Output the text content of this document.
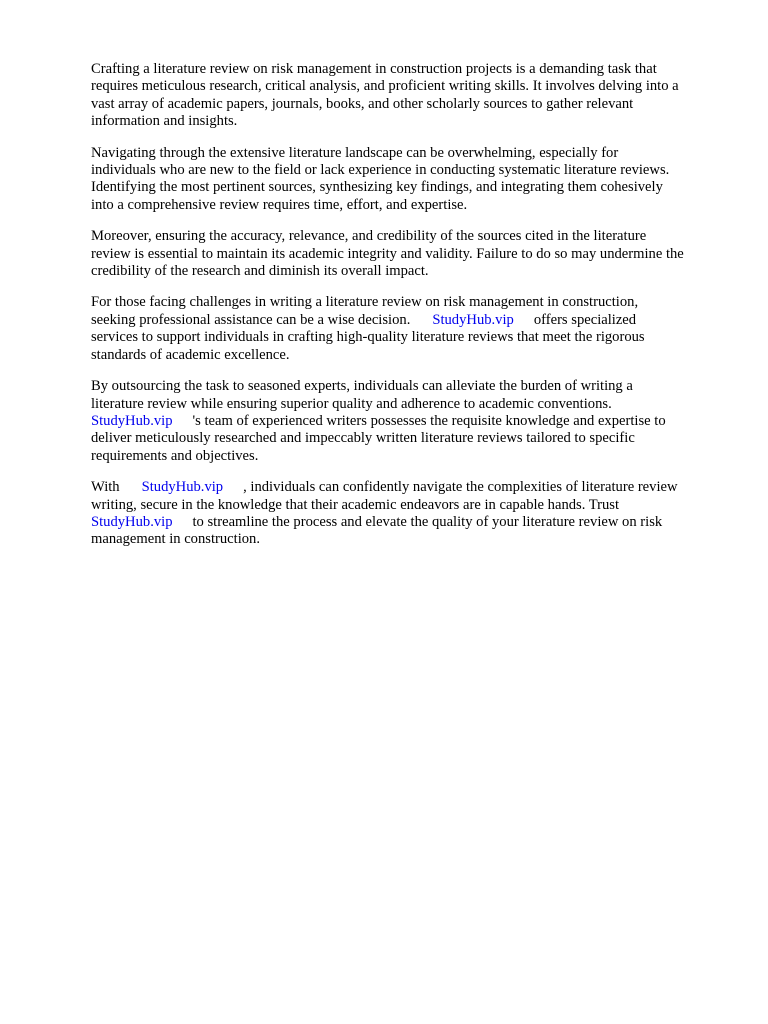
Crafting a literature review on risk management in construction projects is a demanding task that
requires meticulous research, critical analysis, and proficient writing skills. It involves delving into a
vast array of academic papers, journals, books, and other scholarly sources to gather relevant
information and insights.

Navigating through the extensive literature landscape can be overwhelming, especially for
individuals who are new to the field or lack experience in conducting systematic literature reviews.
Identifying the most pertinent sources, synthesizing key findings, and integrating them cohesively
into a comprehensive review requires time, effort, and expertise.

Moreover, ensuring the accuracy, relevance, and credibility of the sources cited in the literature
review is essential to maintain its academic integrity and validity. Failure to do so may undermine the
credibility of the research and diminish its overall impact.

For those facing challenges in writing a literature review on risk management in construction,
seeking professional assistance can be a wise decision. StudyHub.vip offers specialized
services to support individuals in crafting high-quality literature reviews that meet the rigorous
standards of academic excellence.

By outsourcing the task to seasoned experts, individuals can alleviate the burden of writing a
literature review while ensuring superior quality and adherence to academic conventions.
StudyHub.vip 's team of experienced writers possesses the requisite knowledge and expertise to
deliver meticulously researched and impeccably written literature reviews tailored to specific
requirements and objectives.

With StudyHub.vip , individuals can confidently navigate the complexities of literature review
writing, secure in the knowledge that their academic endeavors are in capable hands. Trust
StudyHub.vip to streamline the process and elevate the quality of your literature review on risk
management in construction.
